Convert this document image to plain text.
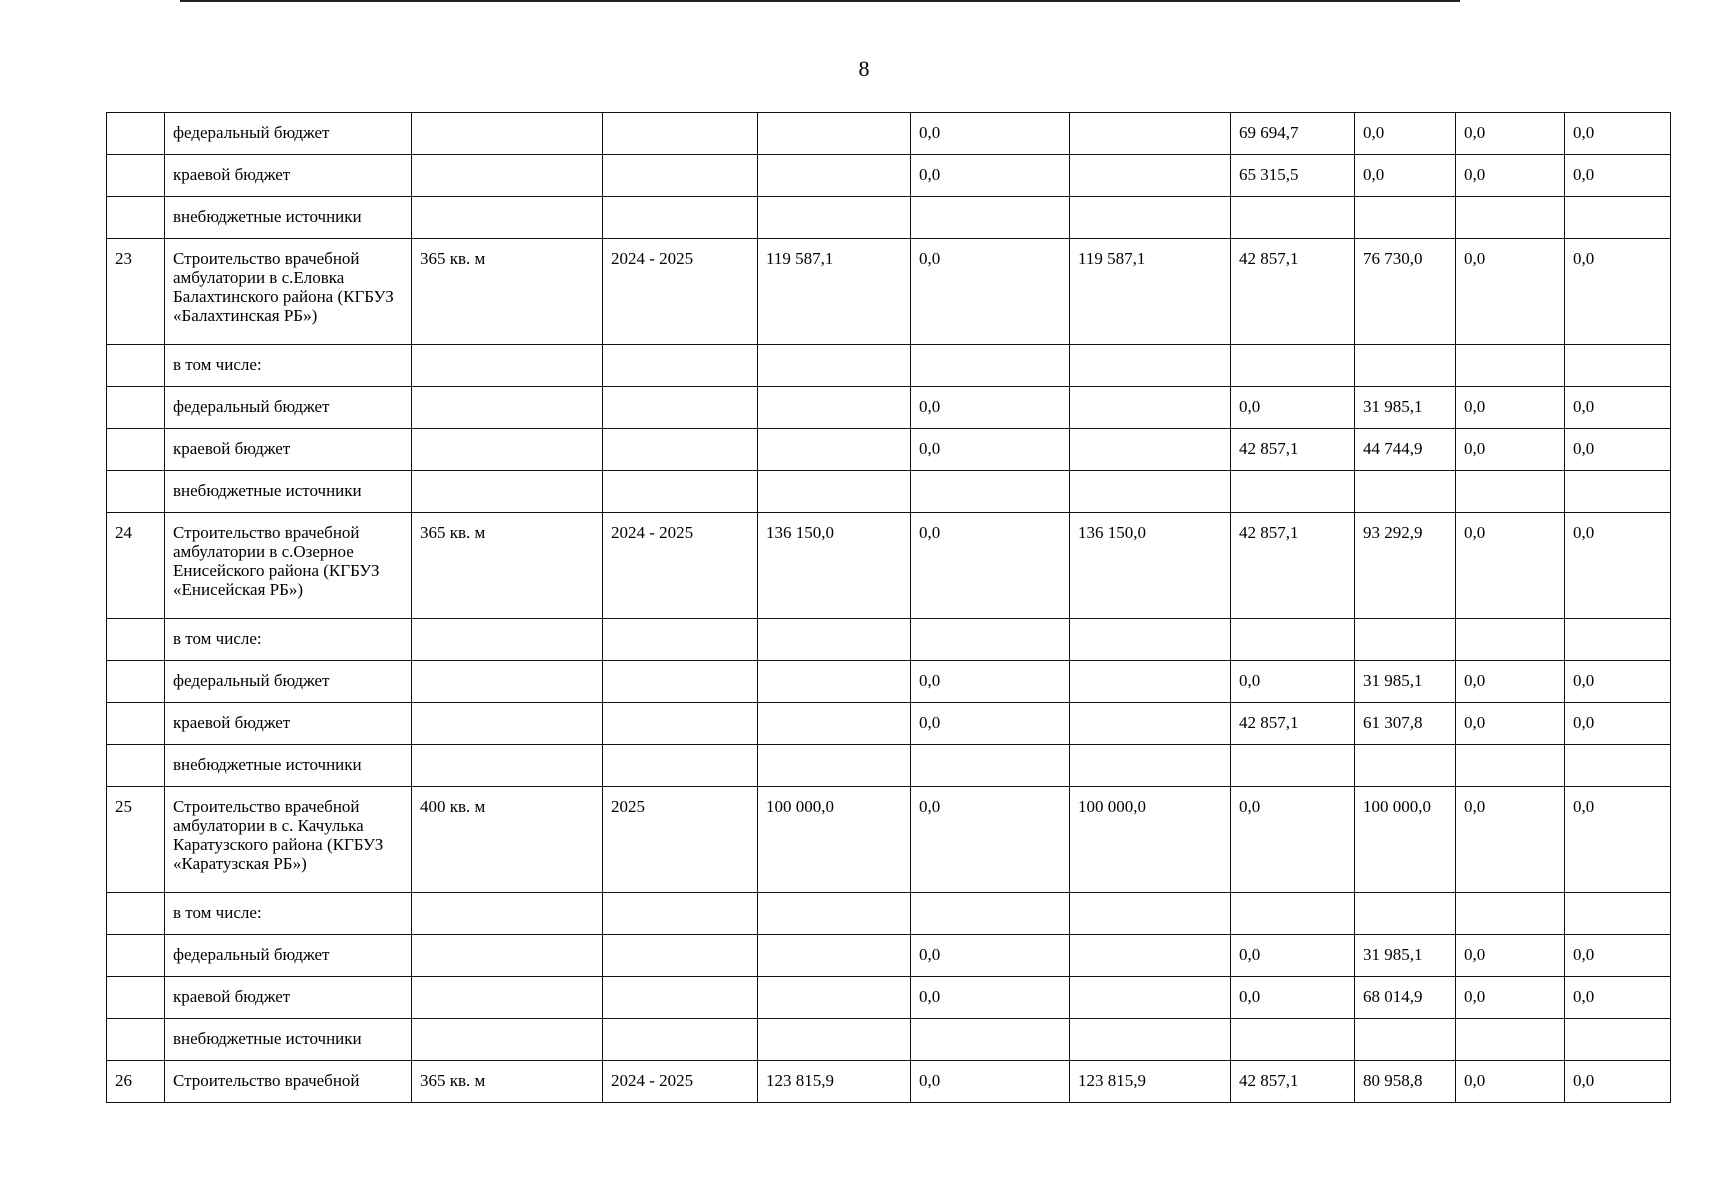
8
	федеральный бюджет				0,0		69 694,7	0,0	0,0	0,0
	краевой бюджет				0,0		65 315,5	0,0	0,0	0,0
	внебюджетные источники									
23	Строительство врачебной амбулатории в с.Еловка Балахтинского района (КГБУЗ «Балахтинская РБ»)	365 кв. м	2024 - 2025	119 587,1	0,0	119 587,1	42 857,1	76 730,0	0,0	0,0
	в том числе:									
	федеральный бюджет				0,0		0,0	31 985,1	0,0	0,0
	краевой бюджет				0,0		42 857,1	44 744,9	0,0	0,0
	внебюджетные источники									
24	Строительство врачебной амбулатории в с.Озерное Енисейского района (КГБУЗ «Енисейская РБ»)	365 кв. м	2024 - 2025	136 150,0	0,0	136 150,0	42 857,1	93 292,9	0,0	0,0
	в том числе:									
	федеральный бюджет				0,0		0,0	31 985,1	0,0	0,0
	краевой бюджет				0,0		42 857,1	61 307,8	0,0	0,0
	внебюджетные источники									
25	Строительство врачебной амбулатории в с. Качулька Каратузского района (КГБУЗ «Каратузская РБ»)	400 кв. м	2025	100 000,0	0,0	100 000,0	0,0	100 000,0	0,0	0,0
	в том числе:									
	федеральный бюджет				0,0		0,0	31 985,1	0,0	0,0
	краевой бюджет				0,0		0,0	68 014,9	0,0	0,0
	внебюджетные источники									
26	Строительство врачебной	365 кв. м	2024 - 2025	123 815,9	0,0	123 815,9	42 857,1	80 958,8	0,0	0,0
